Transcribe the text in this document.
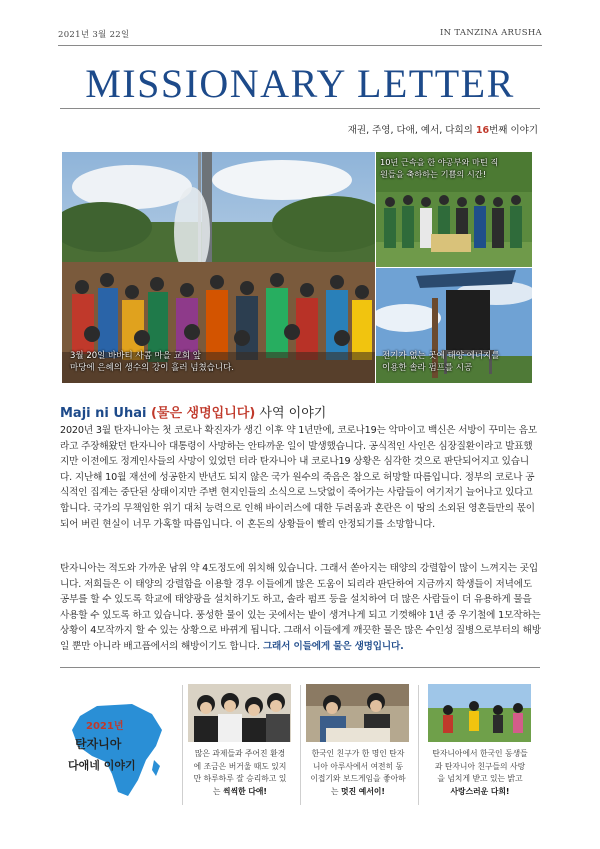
2021년 3월 22일	IN TANZINA ARUSHA
MISSIONARY LETTER
재권, 주영, 다애, 예서, 다희의 16번째 이야기
3월 20일 바바티 사콤 마을 교회 앞
마당에 은혜의 생수의 강이 흘러 넘쳤습니다.
10년 근속을 한 야공부와 마틴 직
원들을 축하하는 기쁨의 시간!
전기가 없는 곳에 태양 에너지를
이용한 솔라 펌프를 시공
Maji ni Uhai (물은 생명입니다) 사역 이야기
2020년 3월 탄자니아는 첫 코로나 확진자가 생긴 이후 약 1년만에, 코로나19는 악마이고 백신은 서방이 꾸미는 음모라고 주장해왔던 탄자니아 대통령이 사망하는 안타까운 일이 발생했습니다. 공식적인 사인은 심장질환이라고 발표했지만 이전에도 정계인사들의 사망이 있었던 터라 탄자니아 내 코로나19 상황은 심각한 것으로 판단되어지고 있습니다. 지난해 10월 재선에 성공한지 반년도 되지 않은 국가 원수의 죽음은 참으로 허망할 따름입니다. 정부의 코로나 공식적인 집계는 중단된 상태이지만 주변 현지인들의 소식으로 느닷없이 죽어가는 사람들이 여기저기 늘어나고 있다고 합니다. 국가의 무책임한 위기 대처 능력으로 인해 바이러스에 대한 두려움과 혼란은 이 땅의 소외된 영혼들만의 몫이 되어 버린 현실이 너무 가혹할 따름입니다. 이 혼돈의 상황들이 빨리 안정되기를 소망합니다.
탄자니아는 적도와 가까운 남위 약 4도정도에 위치해 있습니다. 그래서 쏟아지는 태양의 강렬함이 많이 느껴지는 곳입니다. 저희들은 이 태양의 강렬함을 이용할 경우 이들에게 많은 도움이 되리라 판단하여 지금까지 학생들이 저녁에도 공부를 할 수 있도록 학교에 태양광을 설치하기도 하고, 솔라 펌프 등을 설치하여 더 많은 사람들이 더 유용하게 물을 사용할 수 있도록 하고 있습니다. 풍성한 물이 있는 곳에서는 밭이 생겨나게 되고 기껏해야 1년 중 우기철에 1모작하는 상황이 4모작까지 할 수 있는 상황으로 바뀌게 됩니다. 그래서 이들에게 깨끗한 물은 많은 수인성 질병으로부터의 해방일 뿐만 아니라 배고픔에서의 해방이기도 합니다. 그래서 이들에게 물은 생명입니다.
2021년
탄자니아
다애네 이야기
많은 과제들과 주어진 환경
에 조금은 버거울 때도 있지
만 하루하루 잘 승리하고 있
는 씩씩한 다애!
한국인 친구가 한 명인 탄자
니아 아루사에서 여전히 동
이접기와 보드게임을 좋아하
는 멋진 예서이!
탄자니아에서 한국인 동생들
과 탄자니아 친구들의 사랑
을 넘치게 받고 있는 밝고
사랑스러운 다희!
